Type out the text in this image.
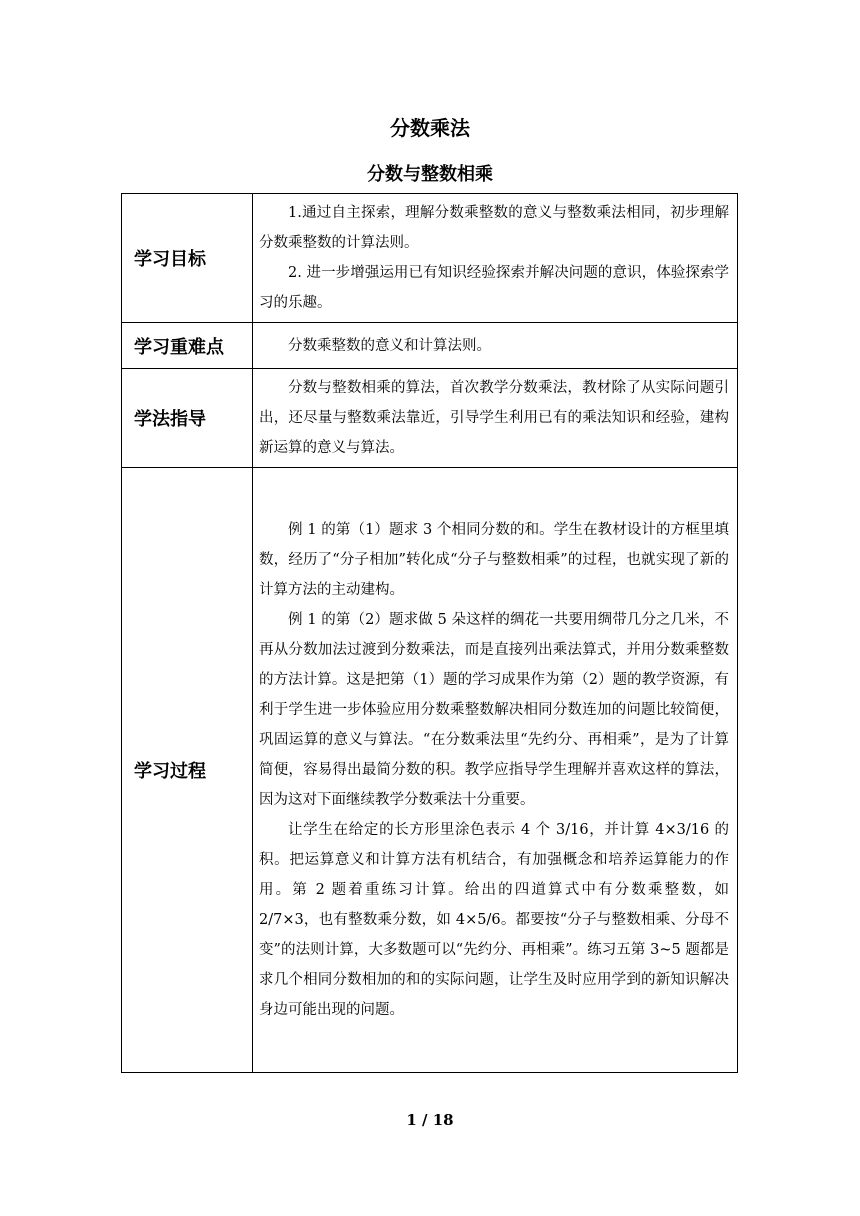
分数乘法
分数与整数相乘
学习目标	1.通过自主探索，理解分数乘整数的意义与整数乘法相同，初步理解分数乘整数的计算法则。

2. 进一步增强运用已有知识经验探索并解决问题的意识，体验探索学习的乐趣。

学习重难点	分数乘整数的意义和计算法则。

学法指导	分数与整数相乘的算法，首次教学分数乘法，教材除了从实际问题引出，还尽量与整数乘法靠近，引导学生利用已有的乘法知识和经验，建构新运算的意义与算法。

学习过程	例 1 的第（1）题求 3 个相同分数的和。学生在教材设计的方框里填数，经历了“分子相加”转化成“分子与整数相乘”的过程，也就实现了新的计算方法的主动建构。

例 1 的第（2）题求做 5 朵这样的绸花一共要用绸带几分之几米，不再从分数加法过渡到分数乘法，而是直接列出乘法算式，并用分数乘整数的方法计算。这是把第（1）题的学习成果作为第（2）题的教学资源，有利于学生进一步体验应用分数乘整数解决相同分数连加的问题比较简便，巩固运算的意义与算法。“在分数乘法里“先约分、再相乘”，是为了计算简便，容易得出最简分数的积。教学应指导学生理解并喜欢这样的算法，因为这对下面继续教学分数乘法十分重要。

让学生在给定的长方形里涂色表示 4 个 3/16，并计算 4×3/16 的积。把运算意义和计算方法有机结合，有加强概念和培养运算能力的作用。第 2 题着重练习计算。给出的四道算式中有分数乘整数，如 2/7×3，也有整数乘分数，如 4×5/6。都要按“分子与整数相乘、分母不变”的法则计算，大多数题可以“先约分、再相乘”。练习五第 3~5 题都是求几个相同分数相加的和的实际问题，让学生及时应用学到的新知识解决身边可能出现的问题。

1 / 18
